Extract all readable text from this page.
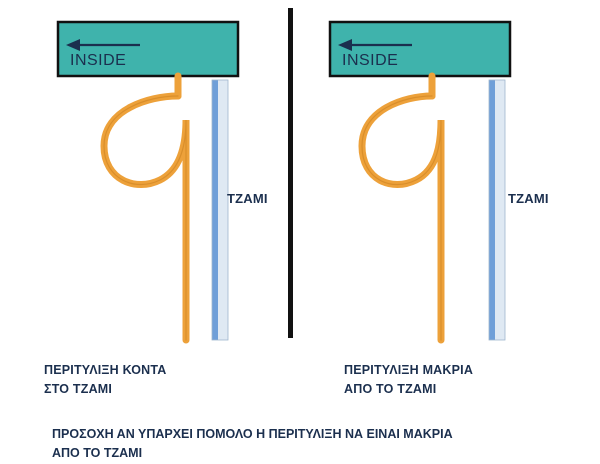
INSIDE	INSIDE
ΤΖΑΜΙ	ΤΖΑΜΙ
ΠΕΡΙΤΥΛΙΞΗ ΚΟΝΤΑ
ΣΤΟ ΤΖΑΜΙ
ΠΕΡΙΤΥΛΙΞΗ ΜΑΚΡΙΑ
ΑΠΟ ΤΟ ΤΖΑΜΙ
ΠΡΟΣΟΧΗ ΑΝ ΥΠΑΡΧΕΙ ΠΟΜΟΛΟ Η ΠΕΡΙΤΥΛΙΞΗ ΝΑ ΕΙΝΑΙ ΜΑΚΡΙΑ
ΑΠΟ ΤΟ ΤΖΑΜΙ
